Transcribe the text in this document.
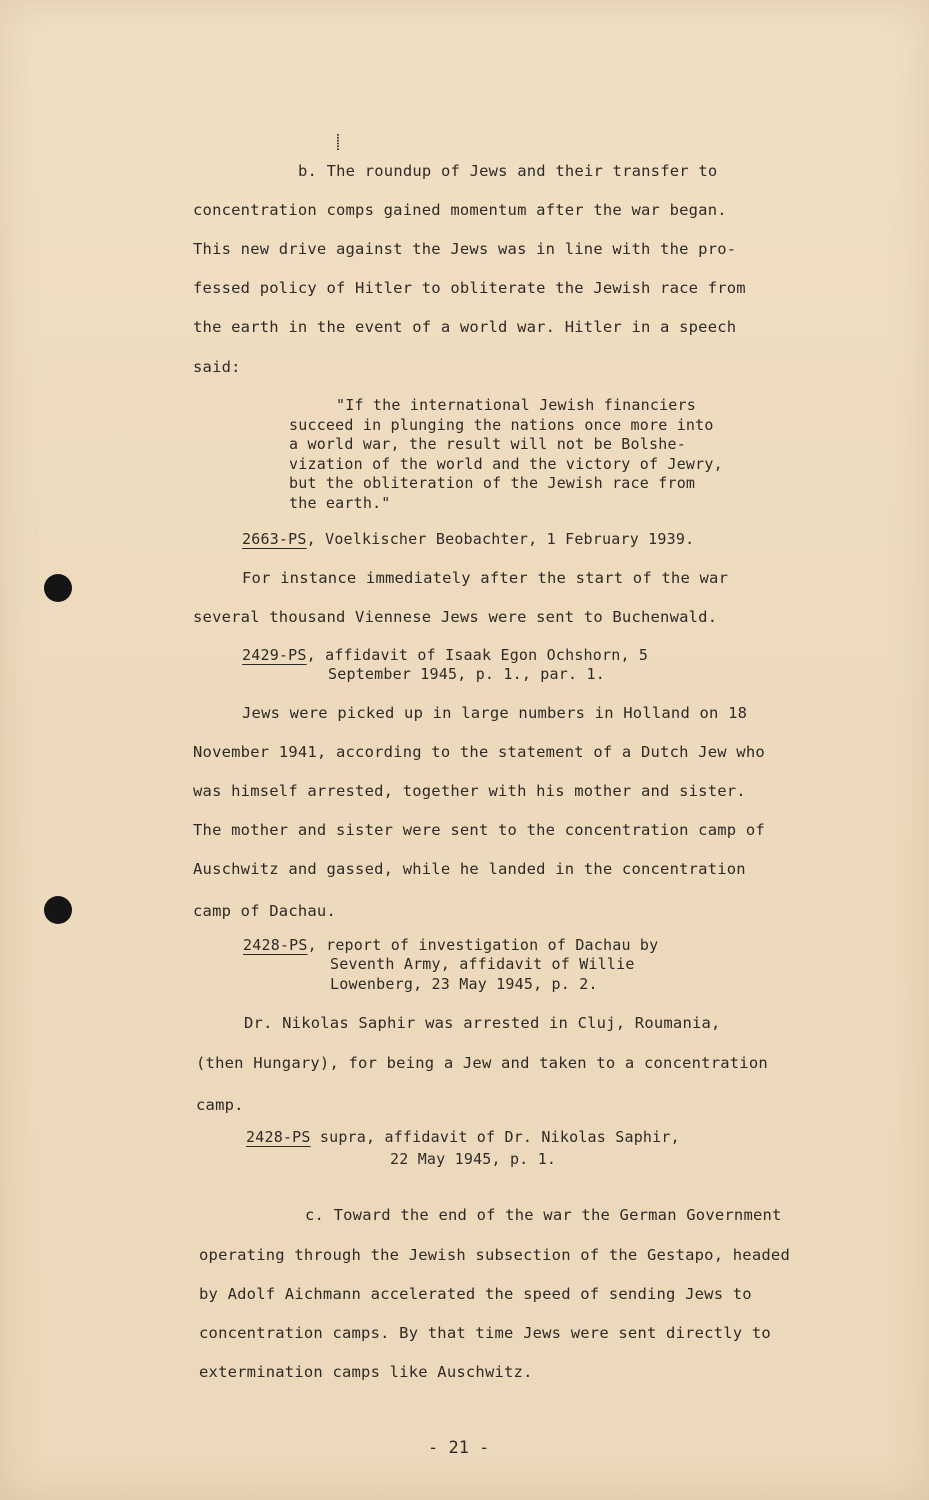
⸽
b. The roundup of Jews and their transfer to
concentration comps gained momentum after the war began.
This new drive against the Jews was in line with the pro-
fessed policy of Hitler to obliterate the Jewish race from
the earth in the event of a world war. Hitler in a speech
said:
"If the international Jewish financiers
succeed in plunging the nations once more into
a world war, the result will not be Bolshe-
vization of the world and the victory of Jewry,
but the obliteration of the Jewish race from
the earth."
2663-PS, Voelkischer Beobachter, 1 February 1939.
For instance immediately after the start of the war
several thousand Viennese Jews were sent to Buchenwald.
2429-PS, affidavit of Isaak Egon Ochshorn, 5
September 1945, p. 1., par. 1.
Jews were picked up in large numbers in Holland on 18
November 1941, according to the statement of a Dutch Jew who
was himself arrested, together with his mother and sister.
The mother and sister were sent to the concentration camp of
Auschwitz and gassed, while he landed in the concentration
camp of Dachau.
2428-PS, report of investigation of Dachau by
Seventh Army, affidavit of Willie
Lowenberg, 23 May 1945, p. 2.
Dr. Nikolas Saphir was arrested in Cluj, Roumania,
(then Hungary), for being a Jew and taken to a concentration
camp.
2428-PS supra, affidavit of Dr. Nikolas Saphir,
22 May 1945, p. 1.
c. Toward the end of the war the German Government
operating through the Jewish subsection of the Gestapo, headed
by Adolf Aichmann accelerated the speed of sending Jews to
concentration camps. By that time Jews were sent directly to
extermination camps like Auschwitz.
- 21 -
